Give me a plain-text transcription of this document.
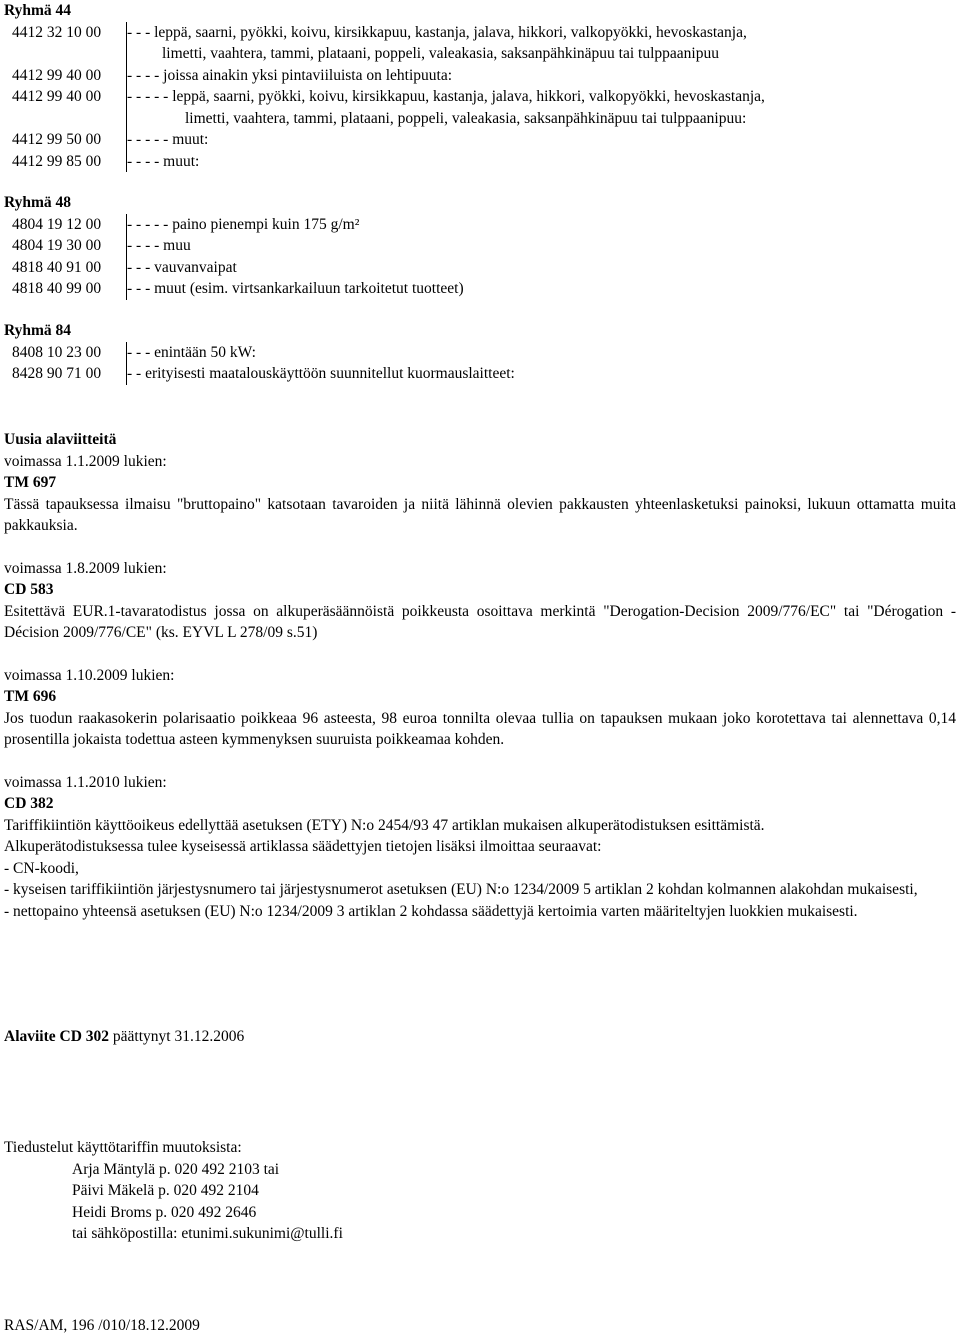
Ryhmä 44

4412 32 10 00	- - - leppä, saarni, pyökki, koivu, kirsikkapuu, kastanja, jalava, hikkori, valkopyökki, hevoskastanja,
limetti, vaahtera, tammi, plataani, poppeli, valeakasia, saksanpähkinäpuu tai tulppaanipuu

4412 99 40 00	- - - - joissa ainakin yksi pintaviiluista on lehtipuuta:
4412 99 40 00	- - - - - leppä, saarni, pyökki, koivu, kirsikkapuu, kastanja, jalava, hikkori, valkopyökki, hevoskastanja,
limetti, vaahtera, tammi, plataani, poppeli, valeakasia, saksanpähkinäpuu tai tulppaanipuu:

4412 99 50 00	- - - - - muut:
4412 99 85 00	- - - - muut:

Ryhmä 48

4804 19 12 00	- - - - - paino pienempi kuin 175 g/m²
4804 19 30 00	- - - - muu
4818 40 91 00	- - - vauvanvaipat
4818 40 99 00	- - - muut (esim. virtsankarkailuun tarkoitetut tuotteet)

Ryhmä 84

8408 10 23 00	- - - enintään 50 kW:
8428 90 71 00	- - erityisesti maatalouskäyttöön suunnitellut kuormauslaitteet:

Uusia alaviitteitä

voimassa 1.1.2009 lukien:

TM 697

Tässä tapauksessa ilmaisu "bruttopaino" katsotaan tavaroiden ja niitä lähinnä olevien pakkausten yhteenlasketuksi painoksi, lukuun ottamatta muita pakkauksia.

voimassa 1.8.2009 lukien:

CD 583

Esitettävä EUR.1-tavaratodistus jossa on alkuperäsäännöistä poikkeusta osoittava merkintä "Derogation-Decision 2009/776/EC" tai "Dérogation - Décision 2009/776/CE" (ks. EYVL L 278/09 s.51)

voimassa 1.10.2009 lukien:

TM 696

Jos tuodun raakasokerin polarisaatio poikkeaa 96 asteesta, 98 euroa tonnilta olevaa tullia on tapauksen mukaan joko korotettava tai alennettava 0,14 prosentilla jokaista todettua asteen kymmenyksen suuruista poikkeamaa kohden.

voimassa 1.1.2010 lukien:

CD 382

Tariffikiintiön käyttöoikeus edellyttää asetuksen (ETY) N:o 2454/93 47 artiklan mukaisen alkuperätodistuksen esittämistä.

Alkuperätodistuksessa tulee kyseisessä artiklassa säädettyjen tietojen lisäksi ilmoittaa seuraavat:

- CN-koodi,

- kyseisen tariffikiintiön järjestysnumero tai järjestysnumerot asetuksen (EU) N:o 1234/2009 5 artiklan 2 kohdan kolmannen alakohdan mukaisesti,

- nettopaino yhteensä asetuksen (EU) N:o 1234/2009 3 artiklan 2 kohdassa säädettyjä kertoimia varten määriteltyjen luokkien mukaisesti.

Alaviite CD 302 päättynyt 31.12.2006

Tiedustelut käyttötariffin muutoksista:

Arja Mäntylä p. 020 492 2103 tai

Päivi Mäkelä p. 020 492 2104

Heidi Broms p. 020 492 2646

tai sähköpostilla: etunimi.sukunimi@tulli.fi

RAS/AM, 196 /010/18.12.2009
